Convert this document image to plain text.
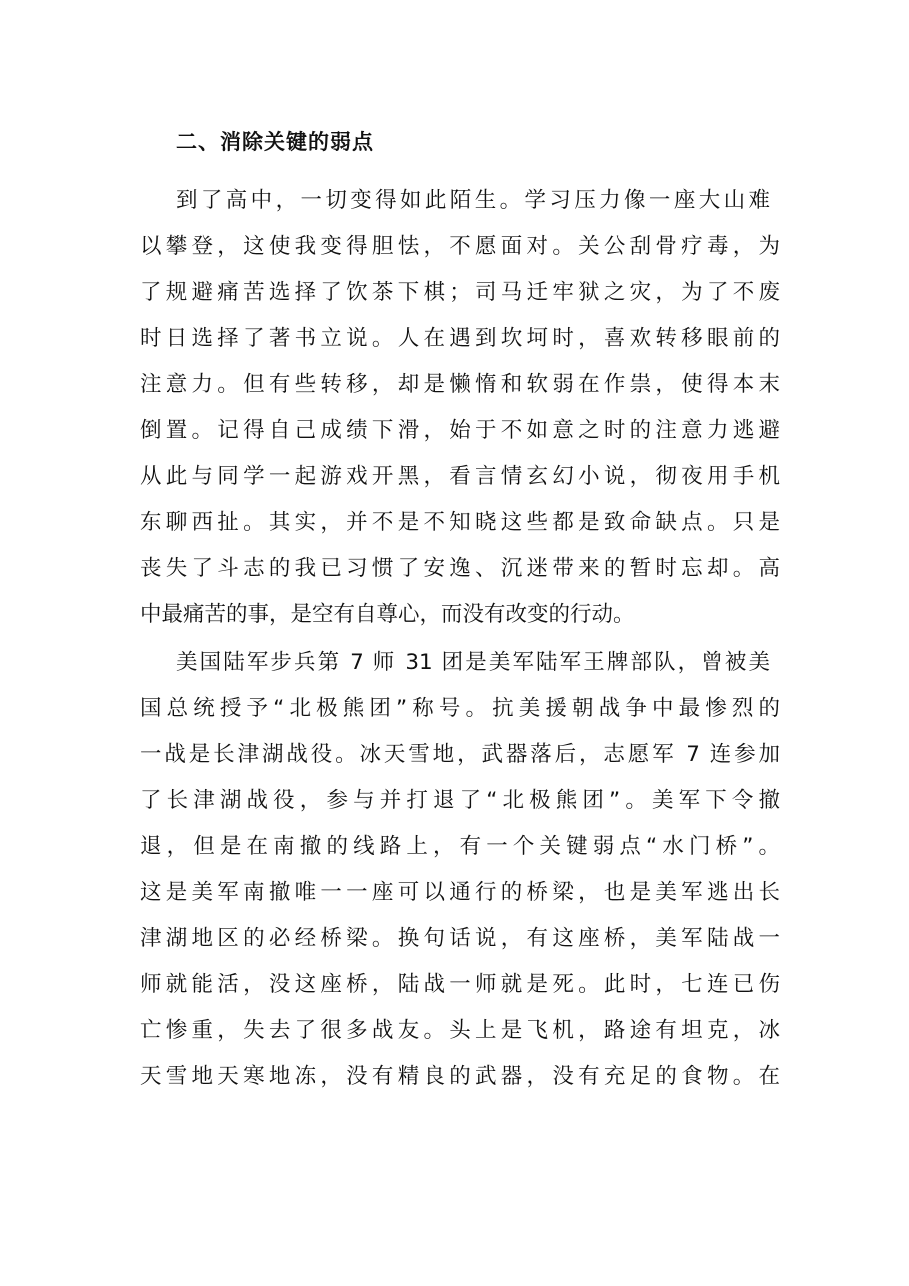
二、消除关键的弱点
到了高中，一切变得如此陌生。学习压力像一座大山难
以攀登，这使我变得胆怯，不愿面对。关公刮骨疗毒，为
了规避痛苦选择了饮茶下棋；司马迁牢狱之灾，为了不废
时日选择了著书立说。人在遇到坎坷时，喜欢转移眼前的
注意力。但有些转移，却是懒惰和软弱在作祟，使得本末
倒置。记得自己成绩下滑，始于不如意之时的注意力逃避
从此与同学一起游戏开黑，看言情玄幻小说，彻夜用手机
东聊西扯。其实，并不是不知晓这些都是致命缺点。只是
丧失了斗志的我已习惯了安逸、沉迷带来的暂时忘却。高
中最痛苦的事，是空有自尊心，而没有改变的行动。
美国陆军步兵第 7 师 31 团是美军陆军王牌部队，曾被美
国总统授予“北极熊团”称号。抗美援朝战争中最惨烈的
一战是长津湖战役。冰天雪地，武器落后，志愿军 7 连参加
了长津湖战役，参与并打退了“北极熊团”。美军下令撤
退，但是在南撤的线路上，有一个关键弱点“水门桥”。
这是美军南撤唯一一座可以通行的桥梁，也是美军逃出长
津湖地区的必经桥梁。换句话说，有这座桥，美军陆战一
师就能活，没这座桥，陆战一师就是死。此时，七连已伤
亡惨重，失去了很多战友。头上是飞机，路途有坦克，冰
天雪地天寒地冻，没有精良的武器，没有充足的食物。在
